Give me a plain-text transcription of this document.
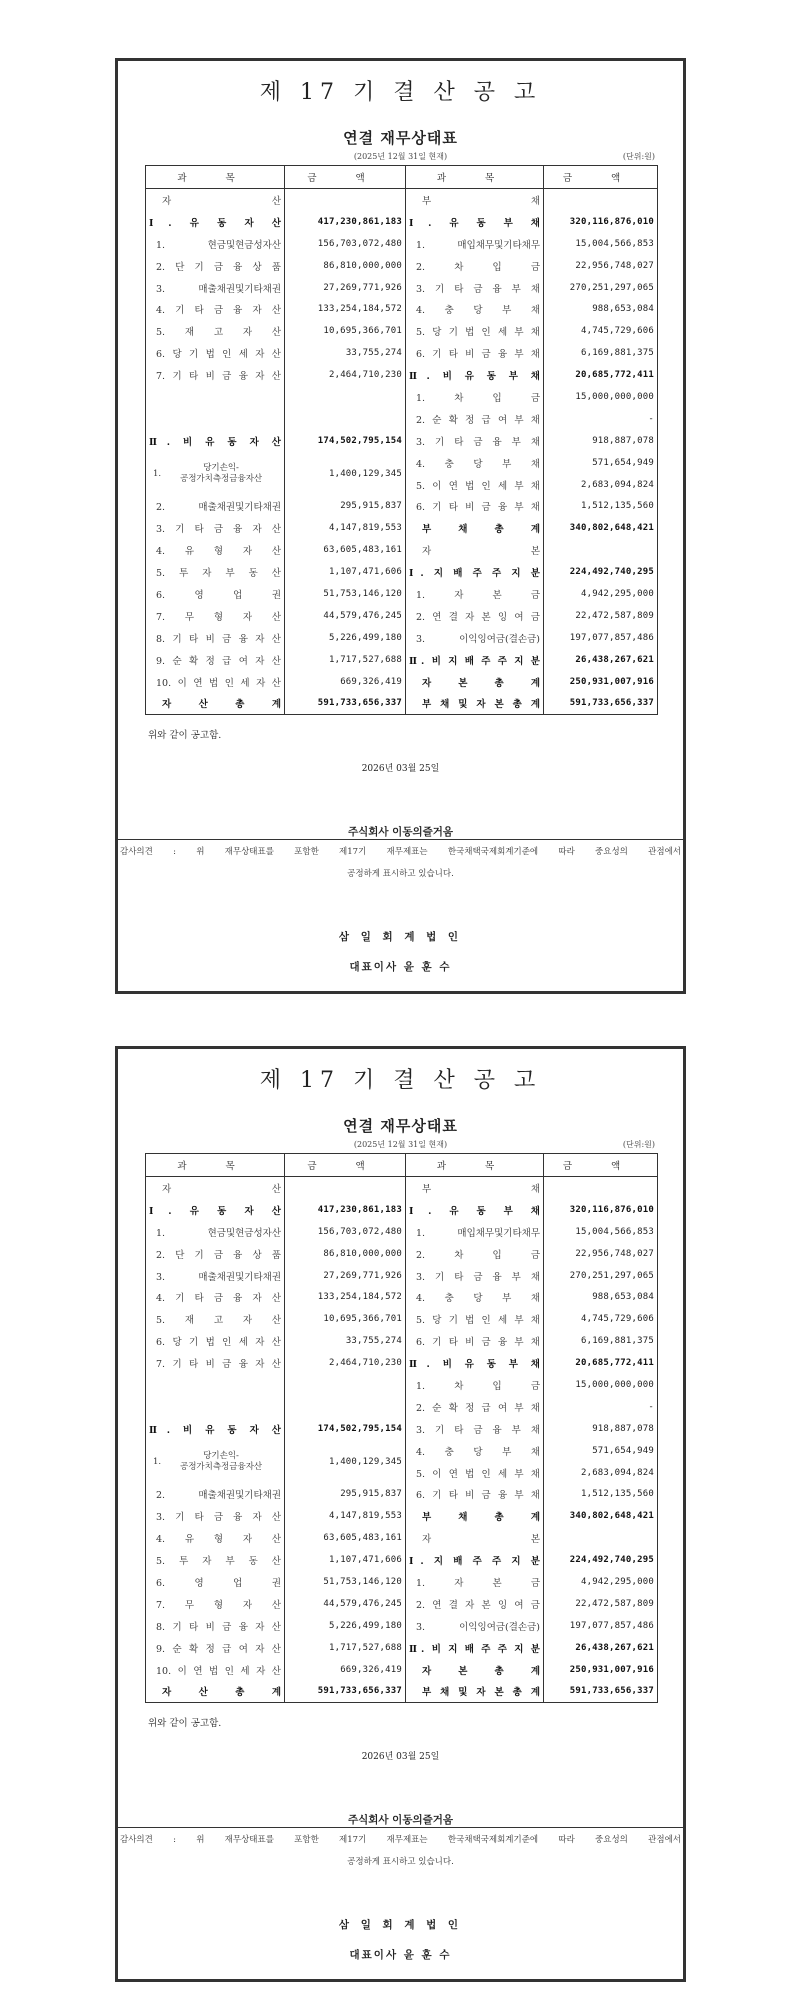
제 17 기 결 산 공 고
연결 재무상태표
(2025년 12월 31일 현재)	(단위:원)
과 목	금 액	과 목	금 액
자 산		부 채	
Ⅰ. 유 동 자 산	417,230,861,183	Ⅰ. 유 동 부 채	320,116,876,010
1. 현금및현금성자산	156,703,072,480	1. 매입채무및기타채무	15,004,566,853
2. 단 기 금 융 상 품	86,810,000,000	2. 차 입 금	22,956,748,027
3. 매출채권및기타채권	27,269,771,926	3. 기 타 금 융 부 채	270,251,297,065
4. 기 타 금 융 자 산	133,254,184,572	4. 충 당 부 채	988,653,084
5. 재 고 자 산	10,695,366,701	5. 당 기 법 인 세 부 채	4,745,729,606
6. 당 기 법 인 세 자 산	33,755,274	6. 기 타 비 금 융 부 채	6,169,881,375
7. 기 타 비 금 융 자 산	2,464,710,230	Ⅱ. 비 유 동 부 채	20,685,772,411
		1. 차 입 금	15,000,000,000
		2. 순 확 정 급 여 부 채	-
Ⅱ. 비 유 동 자 산	174,502,795,154	3. 기 타 금 융 부 채	918,887,078

1.
당기손익-
공정가치측정금융자산	1,400,129,345	4. 충 당 부 채	571,654,949
		5. 이 연 법 인 세 부 채	2,683,094,824
2. 매출채권및기타채권	295,915,837	6. 기 타 비 금 융 부 채	1,512,135,560
3. 기 타 금 융 자 산	4,147,819,553	부 채 총 계	340,802,648,421
4. 유 형 자 산	63,605,483,161	자 본	
5. 투 자 부 동 산	1,107,471,606	Ⅰ. 지 배 주 주 지 분	224,492,740,295
6. 영 업 권	51,753,146,120	1. 자 본 금	4,942,295,000
7. 무 형 자 산	44,579,476,245	2. 연 결 자 본 잉 여 금	22,472,587,809
8. 기 타 비 금 융 자 산	5,226,499,180	3. 이익잉여금(결손금)	197,077,857,486
9. 순 확 정 급 여 자 산	1,717,527,688	Ⅱ. 비 지 배 주 주 지 분	26,438,267,621
10. 이 연 법 인 세 자 산	669,326,419	자 본 총 계	250,931,007,916
자 산 총 계	591,733,656,337	부 채 및 자 본 총 계	591,733,656,337
위와 같이 공고함.
2026년 03월 25일
주식회사 이동의즐거움
감사의견 : 위 재무상태표를 포함한 제17기 재무제표는 한국채택국제회계기준에 따라 중요성의 관점에서
공정하게 표시하고 있습니다.
삼 일 회 계 법 인
대표이사 윤 훈 수
제 17 기 결 산 공 고
연결 재무상태표
(2025년 12월 31일 현재)	(단위:원)
과 목	금 액	과 목	금 액
자 산		부 채	
Ⅰ. 유 동 자 산	417,230,861,183	Ⅰ. 유 동 부 채	320,116,876,010
1. 현금및현금성자산	156,703,072,480	1. 매입채무및기타채무	15,004,566,853
2. 단 기 금 융 상 품	86,810,000,000	2. 차 입 금	22,956,748,027
3. 매출채권및기타채권	27,269,771,926	3. 기 타 금 융 부 채	270,251,297,065
4. 기 타 금 융 자 산	133,254,184,572	4. 충 당 부 채	988,653,084
5. 재 고 자 산	10,695,366,701	5. 당 기 법 인 세 부 채	4,745,729,606
6. 당 기 법 인 세 자 산	33,755,274	6. 기 타 비 금 융 부 채	6,169,881,375
7. 기 타 비 금 융 자 산	2,464,710,230	Ⅱ. 비 유 동 부 채	20,685,772,411
		1. 차 입 금	15,000,000,000
		2. 순 확 정 급 여 부 채	-
Ⅱ. 비 유 동 자 산	174,502,795,154	3. 기 타 금 융 부 채	918,887,078

1.
당기손익-
공정가치측정금융자산	1,400,129,345	4. 충 당 부 채	571,654,949
		5. 이 연 법 인 세 부 채	2,683,094,824
2. 매출채권및기타채권	295,915,837	6. 기 타 비 금 융 부 채	1,512,135,560
3. 기 타 금 융 자 산	4,147,819,553	부 채 총 계	340,802,648,421
4. 유 형 자 산	63,605,483,161	자 본	
5. 투 자 부 동 산	1,107,471,606	Ⅰ. 지 배 주 주 지 분	224,492,740,295
6. 영 업 권	51,753,146,120	1. 자 본 금	4,942,295,000
7. 무 형 자 산	44,579,476,245	2. 연 결 자 본 잉 여 금	22,472,587,809
8. 기 타 비 금 융 자 산	5,226,499,180	3. 이익잉여금(결손금)	197,077,857,486
9. 순 확 정 급 여 자 산	1,717,527,688	Ⅱ. 비 지 배 주 주 지 분	26,438,267,621
10. 이 연 법 인 세 자 산	669,326,419	자 본 총 계	250,931,007,916
자 산 총 계	591,733,656,337	부 채 및 자 본 총 계	591,733,656,337
위와 같이 공고함.
2026년 03월 25일
주식회사 이동의즐거움
감사의견 : 위 재무상태표를 포함한 제17기 재무제표는 한국채택국제회계기준에 따라 중요성의 관점에서
공정하게 표시하고 있습니다.
삼 일 회 계 법 인
대표이사 윤 훈 수
